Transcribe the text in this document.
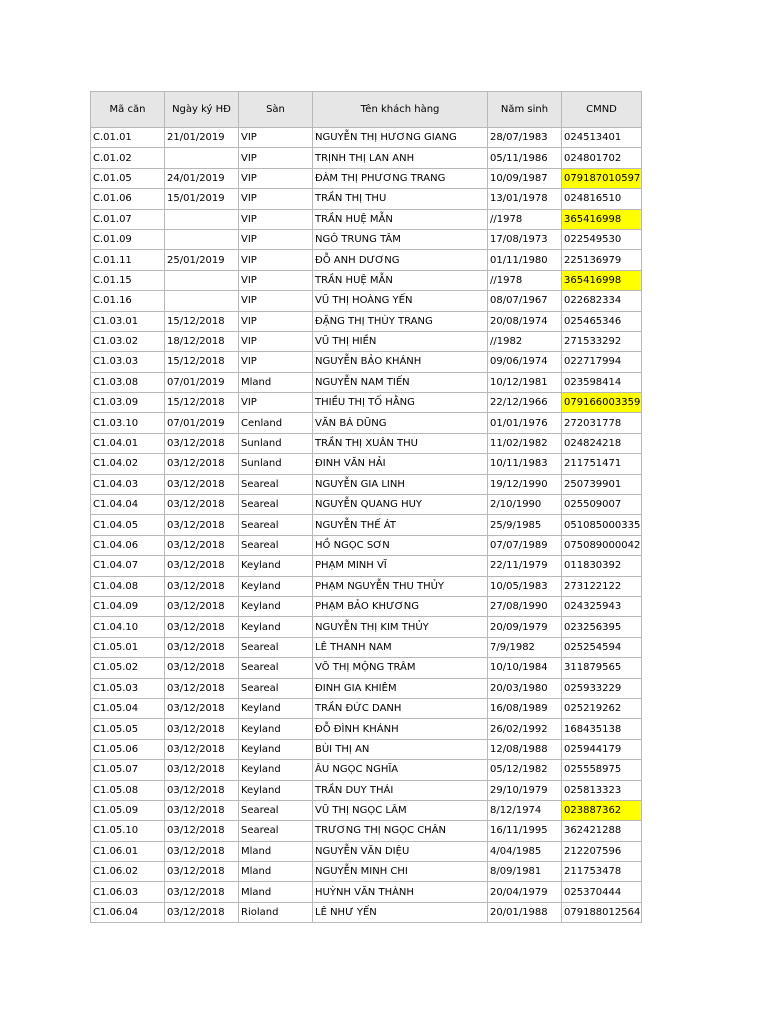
Mã căn	Ngày ký HĐ	Sàn	Tên khách hàng	Năm sinh	CMND
C.01.01	21/01/2019	VIP	NGUYỄN THỊ HƯƠNG GIANG	28/07/1983	024513401
C.01.02		VIP	TRỊNH THỊ LAN ANH	05/11/1986	024801702
C.01.05	24/01/2019	VIP	ĐÀM THỊ PHƯƠNG TRANG	10/09/1987	079187010597
C.01.06	15/01/2019	VIP	TRẦN THỊ THU	13/01/1978	024816510
C.01.07		VIP	TRẦN HUỆ MẪN	//1978	365416998
C.01.09		VIP	NGÔ TRUNG TÂM	17/08/1973	022549530
C.01.11	25/01/2019	VIP	ĐỖ ANH DƯƠNG	01/11/1980	225136979
C.01.15		VIP	TRẦN HUỆ MẪN	//1978	365416998
C.01.16		VIP	VŨ THỊ HOÀNG YẾN	08/07/1967	022682334
C1.03.01	15/12/2018	VIP	ĐẶNG THỊ THÙY TRANG	20/08/1974	025465346
C1.03.02	18/12/2018	VIP	VŨ THỊ HIỀN	//1982	271533292
C1.03.03	15/12/2018	VIP	NGUYỄN BẢO KHÁNH	09/06/1974	022717994
C1.03.08	07/01/2019	Mland	NGUYỄN NAM TIẾN	10/12/1981	023598414
C1.03.09	15/12/2018	VIP	THIỀU THỊ TỐ HẰNG	22/12/1966	079166003359
C1.03.10	07/01/2019	Cenland	VĂN BÁ DŨNG	01/01/1976	272031778
C1.04.01	03/12/2018	Sunland	TRẦN THỊ XUÂN THU	11/02/1982	024824218
C1.04.02	03/12/2018	Sunland	ĐINH VĂN HẢI	10/11/1983	211751471
C1.04.03	03/12/2018	Seareal	NGUYỄN GIA LINH	19/12/1990	250739901
C1.04.04	03/12/2018	Seareal	NGUYỄN QUANG HUY	2/10/1990	025509007
C1.04.05	03/12/2018	Seareal	NGUYỄN THẾ ÁT	25/9/1985	051085000335
C1.04.06	03/12/2018	Seareal	HỒ NGỌC SƠN	07/07/1989	075089000042
C1.04.07	03/12/2018	Keyland	PHẠM MINH VĨ	22/11/1979	011830392
C1.04.08	03/12/2018	Keyland	PHẠM NGUYỄN THU THỦY	10/05/1983	273122122
C1.04.09	03/12/2018	Keyland	PHẠM BẢO KHƯƠNG	27/08/1990	024325943
C1.04.10	03/12/2018	Keyland	NGUYỄN THỊ KIM THỦY	20/09/1979	023256395
C1.05.01	03/12/2018	Seareal	LÊ THANH NAM	7/9/1982	025254594
C1.05.02	03/12/2018	Seareal	VÕ THỊ MỘNG TRÂM	10/10/1984	311879565
C1.05.03	03/12/2018	Seareal	ĐINH GIA KHIÊM	20/03/1980	025933229
C1.05.04	03/12/2018	Keyland	TRẦN ĐỨC DANH	16/08/1989	025219262
C1.05.05	03/12/2018	Keyland	ĐỖ ĐÌNH KHÁNH	26/02/1992	168435138
C1.05.06	03/12/2018	Keyland	BÙI THỊ AN	12/08/1988	025944179
C1.05.07	03/12/2018	Keyland	ÂU NGỌC NGHĨA	05/12/1982	025558975
C1.05.08	03/12/2018	Keyland	TRẦN DUY THÁI	29/10/1979	025813323
C1.05.09	03/12/2018	Seareal	VŨ THỊ NGỌC LÂM	8/12/1974	023887362
C1.05.10	03/12/2018	Seareal	TRƯƠNG THỊ NGỌC CHÂN	16/11/1995	362421288
C1.06.01	03/12/2018	Mland	NGUYỄN VĂN DIỆU	4/04/1985	212207596
C1.06.02	03/12/2018	Mland	NGUYỄN MINH CHI	8/09/1981	211753478
C1.06.03	03/12/2018	Mland	HUỲNH VĂN THÀNH	20/04/1979	025370444
C1.06.04	03/12/2018	Rioland	LÊ NHƯ YẾN	20/01/1988	079188012564
